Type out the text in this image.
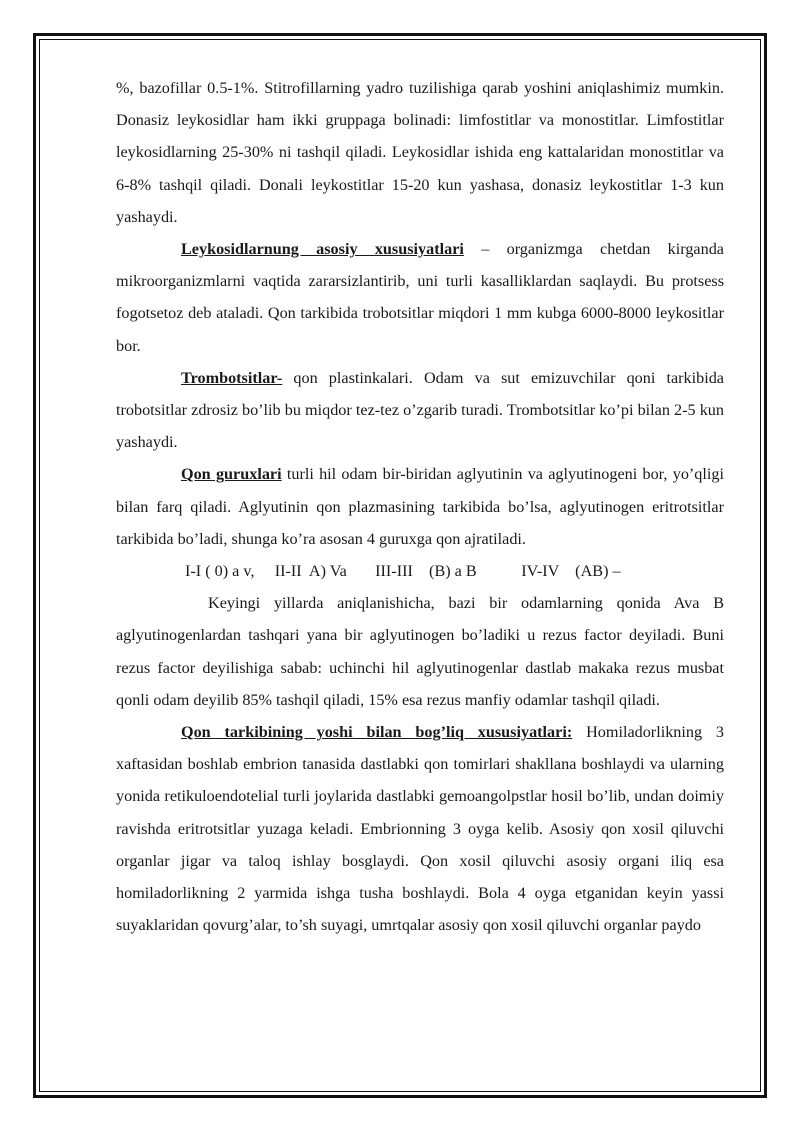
%, bazofillar 0.5-1%. Stitrofillarning yadro tuzilishiga qarab yoshini aniqlashimiz mumkin. Donasiz leykosidlar ham ikki gruppaga bolinadi: limfostitlar va monostitlar. Limfostitlar leykosidlarning 25-30% ni tashqil qiladi. Leykosidlar ishida eng kattalaridan monostitlar va 6-8% tashqil qiladi. Donali leykostitlar 15-20 kun yashasa, donasiz leykostitlar 1-3 kun yashaydi.

Leykosidlarnung asosiy xususiyatlari – organizmga chetdan kirganda mikroorganizmlarni vaqtida zararsizlantirib, uni turli kasalliklardan saqlaydi. Bu protsess fogotsetoz deb ataladi. Qon tarkibida trobotsitlar miqdori 1 mm kubga 6000-8000 leykositlar bor.

Trombotsitlar- qon plastinkalari. Odam va sut emizuvchilar qoni tarkibida trobotsitlar zdrosiz bo’lib bu miqdor tez-tez o’zgarib turadi. Trombotsitlar ko’pi bilan 2-5 kun yashaydi.

Qon guruxlari turli hil odam bir-biridan aglyutinin va aglyutinogeni bor, yo’qligi bilan farq qiladi. Aglyutinin qon plazmasining tarkibida bo’lsa, aglyutinogen eritrotsitlar tarkibida bo’ladi, shunga ko’ra asosan 4 guruxga qon ajratiladi.

I-I ( 0) a v,     II-II  A) Va       III-III    (B) a B           IV-IV    (AB) –

Keyingi yillarda aniqlanishicha, bazi bir odamlarning qonida Ava B aglyutinogenlardan tashqari yana bir aglyutinogen bo’ladiki u rezus factor deyiladi. Buni rezus factor deyilishiga sabab: uchinchi hil aglyutinogenlar dastlab makaka rezus musbat qonli odam deyilib 85% tashqil qiladi, 15% esa rezus manfiy odamlar tashqil qiladi.

Qon tarkibining yoshi bilan bog’liq xususiyatlari: Homiladorlikning 3 xaftasidan boshlab embrion tanasida dastlabki qon tomirlari shakllana boshlaydi va ularning yonida retikuloendotelial turli joylarida dastlabki gemoangolpstlar hosil bo’lib, undan doimiy ravishda eritrotsitlar yuzaga keladi. Embrionning 3 oyga kelib. Asosiy qon xosil qiluvchi organlar jigar va taloq ishlay bosglaydi. Qon xosil qiluvchi asosiy organi iliq esa homiladorlikning 2 yarmida ishga tusha boshlaydi. Bola 4 oyga etganidan keyin yassi suyaklaridan qovurg’alar, to’sh suyagi, umrtqalar asosiy qon xosil qiluvchi organlar paydo
